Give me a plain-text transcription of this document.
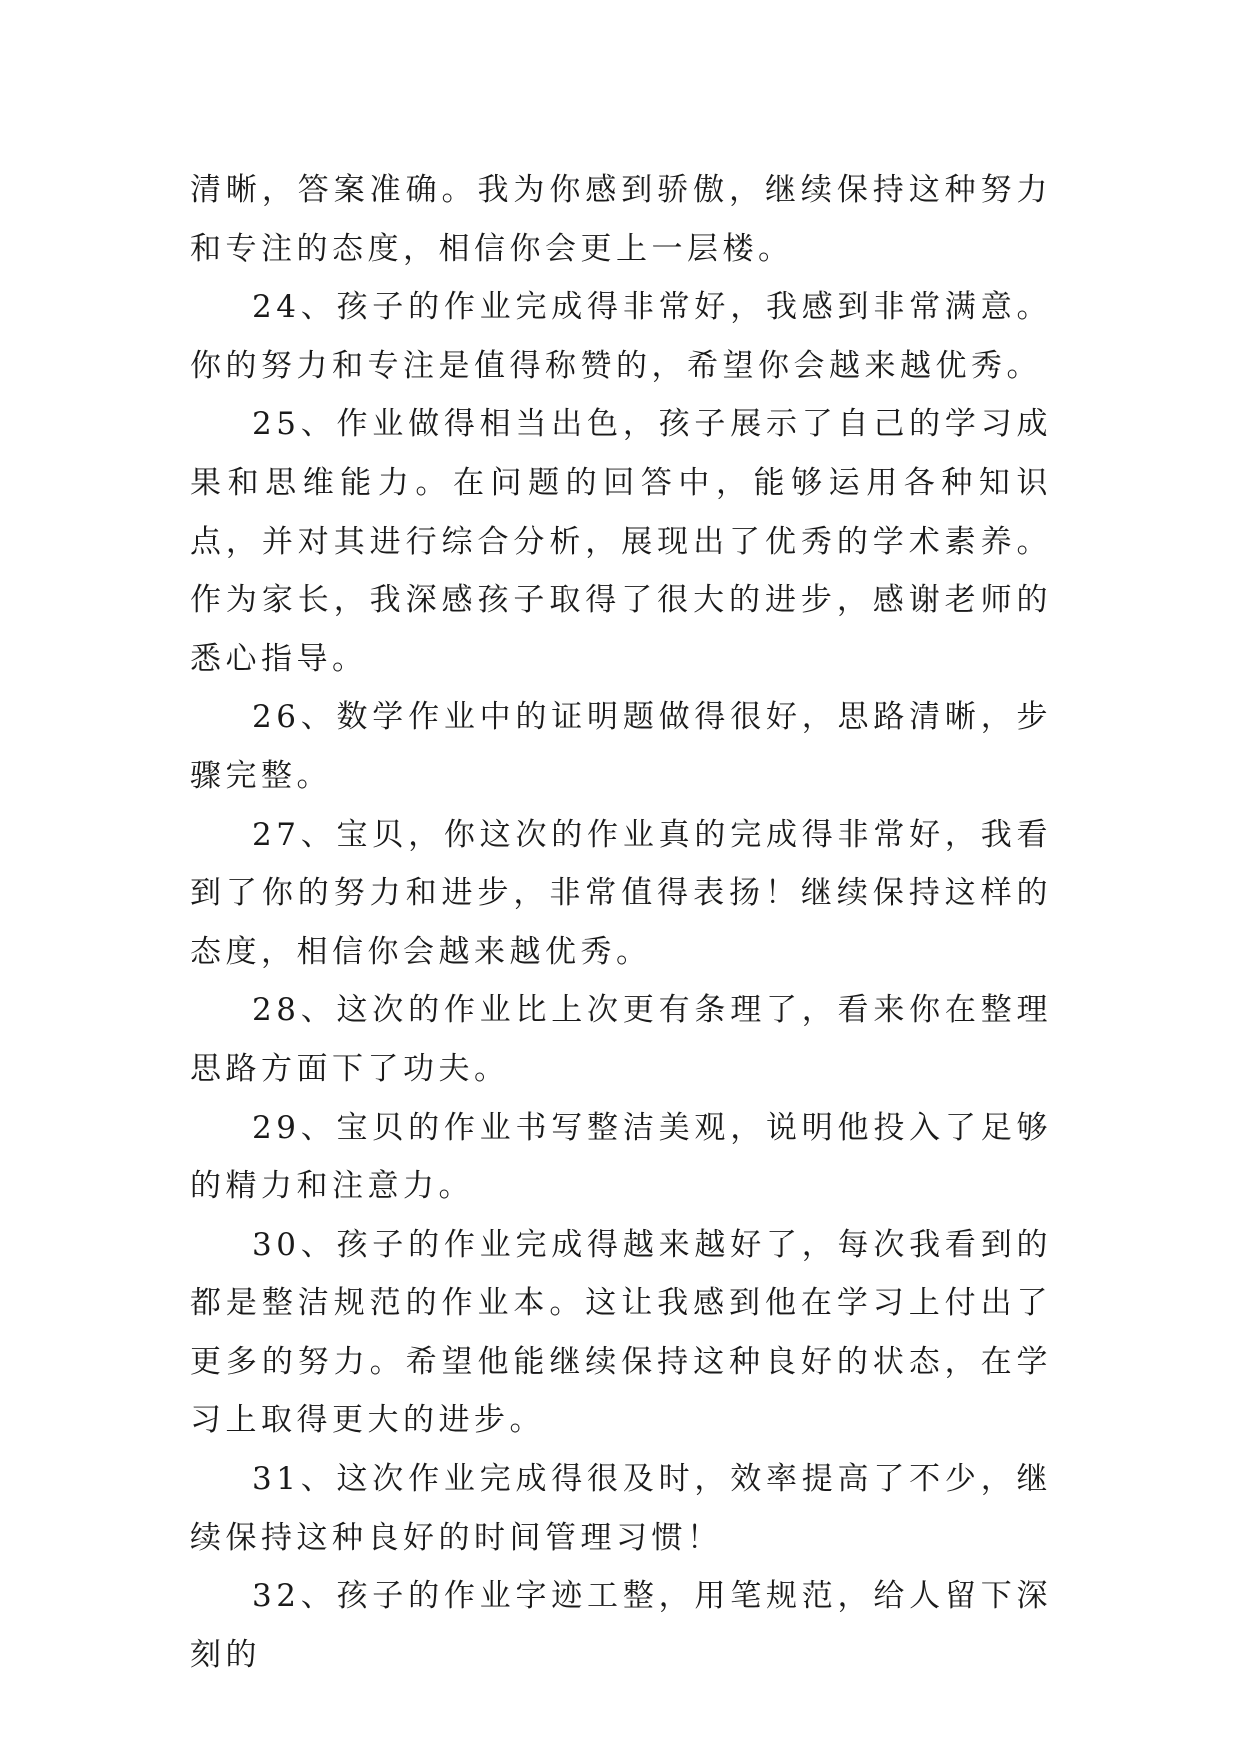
清晰，答案准确。我为你感到骄傲，继续保持这种努力和专注的态度，相信你会更上一层楼。

24、孩子的作业完成得非常好，我感到非常满意。你的努力和专注是值得称赞的，希望你会越来越优秀。

25、作业做得相当出色，孩子展示了自己的学习成果和思维能力。在问题的回答中，能够运用各种知识点，并对其进行综合分析，展现出了优秀的学术素养。作为家长，我深感孩子取得了很大的进步，感谢老师的悉心指导。

26、数学作业中的证明题做得很好，思路清晰，步骤完整。

27、宝贝，你这次的作业真的完成得非常好，我看到了你的努力和进步，非常值得表扬！继续保持这样的态度，相信你会越来越优秀。

28、这次的作业比上次更有条理了，看来你在整理思路方面下了功夫。

29、宝贝的作业书写整洁美观，说明他投入了足够的精力和注意力。

30、孩子的作业完成得越来越好了，每次我看到的都是整洁规范的作业本。这让我感到他在学习上付出了更多的努力。希望他能继续保持这种良好的状态，在学习上取得更大的进步。

31、这次作业完成得很及时，效率提高了不少，继续保持这种良好的时间管理习惯！

32、孩子的作业字迹工整，用笔规范，给人留下深刻的
